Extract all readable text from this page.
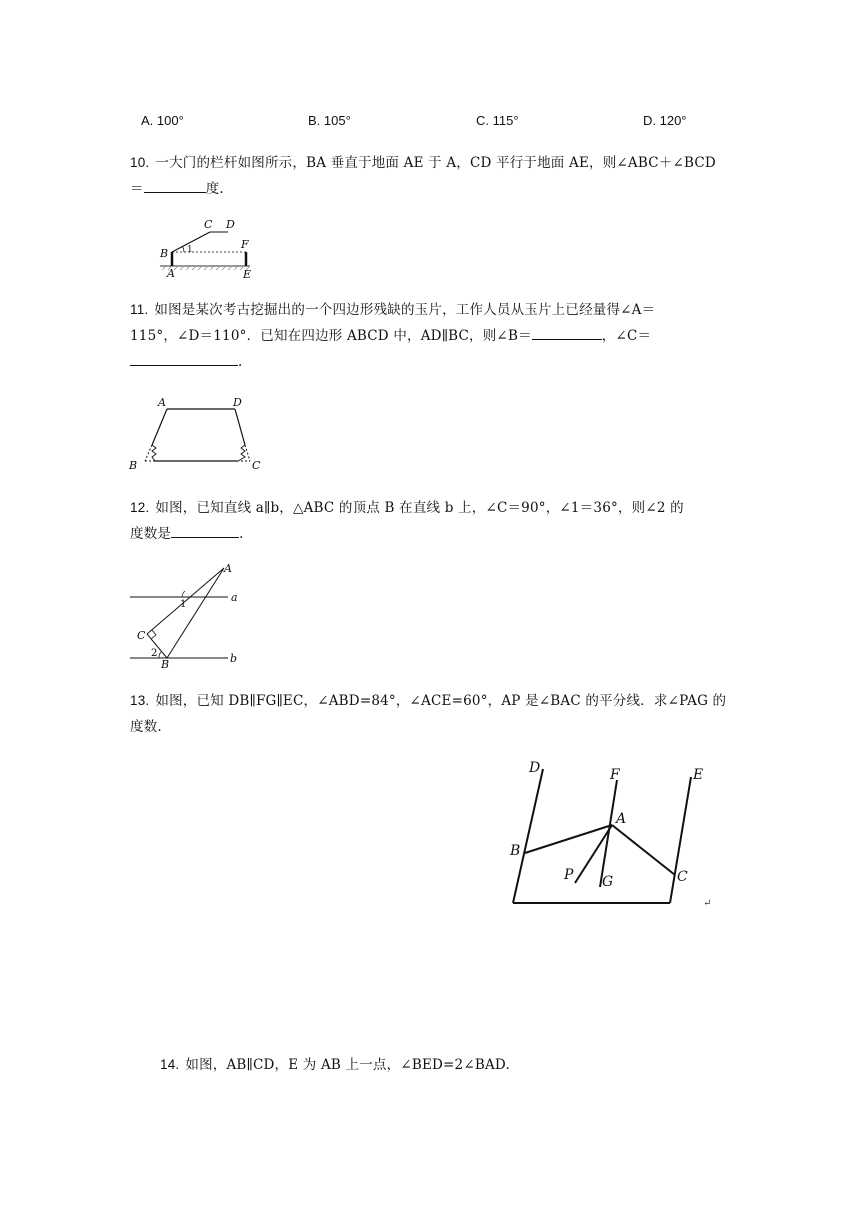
A. 100°	B. 105°	C. 115°	D. 120°
10. 一大门的栏杆如图所示，BA 垂直于地面 AE 于 A，CD 平行于地面 AE，则∠ABC＋∠BCD
＝	度.
C D
B 1	F
A	E
11. 如图是某次考古挖掘出的一个四边形残缺的玉片，工作人员从玉片上已经量得∠A＝
115°，∠D＝110°．已知在四边形 ABCD 中，AD∥BC，则∠B＝	，∠C＝
.
A	D
B	C
12. 如图，已知直线 a∥b，△ABC 的顶点 B 在直线 b 上，∠C＝90°，∠1＝36°，则∠2 的
度数是	.
A
1
a
C
2
B	b
13. 如图，已知 DB∥FG∥EC，∠ABD=84°，∠ACE=60°，AP 是∠BAC 的平分线．求∠PAG 的
度数.
D	F	E
A
B
P G	C
↵
14. 如图，AB∥CD，E 为 AB 上一点，∠BED=2∠BAD.
